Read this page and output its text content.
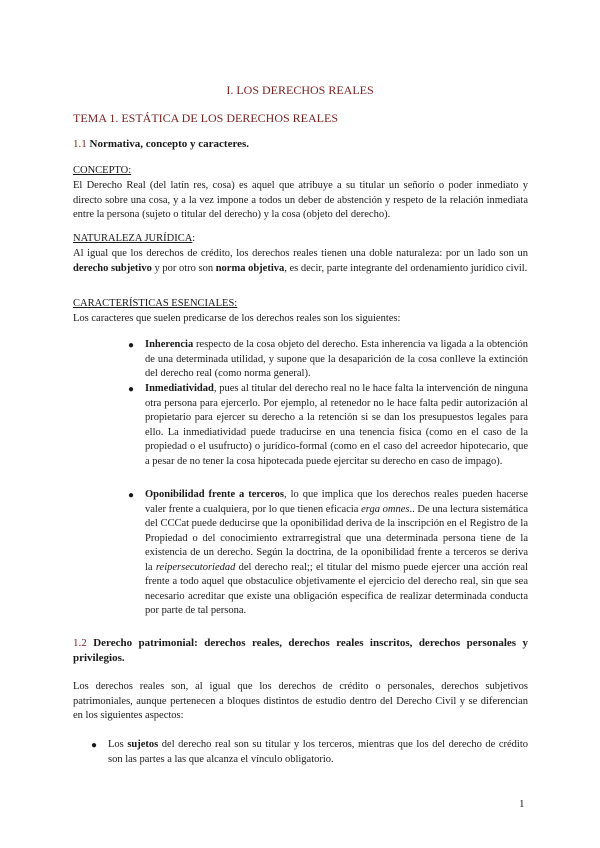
I. LOS DERECHOS REALES
TEMA 1. ESTÁTICA DE LOS DERECHOS REALES
1.1 Normativa, concepto y caracteres.
CONCEPTO:

El Derecho Real (del latín res, cosa) es aquel que atribuye a su titular un señorío o poder inmediato y directo sobre una cosa, y a la vez impone a todos un deber de abstención y respeto de la relación inmediata entre la persona (sujeto o titular del derecho) y la cosa (objeto del derecho).

NATURALEZA JURÍDICA:

Al igual que los derechos de crédito, los derechos reales tienen una doble naturaleza: por un lado son un derecho subjetivo y por otro son norma objetiva, es decir, parte integrante del ordenamiento jurídico civil.

CARACTERÍSTICAS ESENCIALES:
Los caracteres que suelen predicarse de los derechos reales son los siguientes:
● Inherencia respecto de la cosa objeto del derecho. Esta inherencia va ligada a la obtención de una determinada utilidad, y supone que la desaparición de la cosa conlleve la extinción del derecho real (como norma general).

● Inmediatividad, pues al titular del derecho real no le hace falta la intervención de ninguna otra persona para ejercerlo. Por ejemplo, al retenedor no le hace falta pedir autorización al propietario para ejercer su derecho a la retención si se dan los presupuestos legales para ello. La inmediatividad puede traducirse en una tenencia física (como en el caso de la propiedad o el usufructo) o jurídico-formal (como en el caso del acreedor hipotecario, que a pesar de no tener la cosa hipotecada puede ejercitar su derecho en caso de impago).

● Oponibilidad frente a terceros, lo que implica que los derechos reales pueden hacerse valer frente a cualquiera, por lo que tienen eficacia erga omnes.. De una lectura sistemática del CCCat puede deducirse que la oponibilidad deriva de la inscripción en el Registro de la Propiedad o del conocimiento extrarregistral que una determinada persona tiene de la existencia de un derecho. Según la doctrina, de la oponibilidad frente a terceros se deriva la reipersecutoriedad del derecho real;; el titular del mismo puede ejercer una acción real frente a todo aquel que obstaculice objetivamente el ejercicio del derecho real, sin que sea necesario acreditar que existe una obligación específica de realizar determinada conducta por parte de tal persona.

1.2 Derecho patrimonial: derechos reales, derechos reales inscritos, derechos personales y privilegios.

Los derechos reales son, al igual que los derechos de crédito o personales, derechos subjetivos patrimoniales, aunque pertenecen a bloques distintos de estudio dentro del Derecho Civil y se diferencian en los siguientes aspectos:

● Los sujetos del derecho real son su titular y los terceros, mientras que los del derecho de crédito son las partes a las que alcanza el vínculo obligatorio.

1
